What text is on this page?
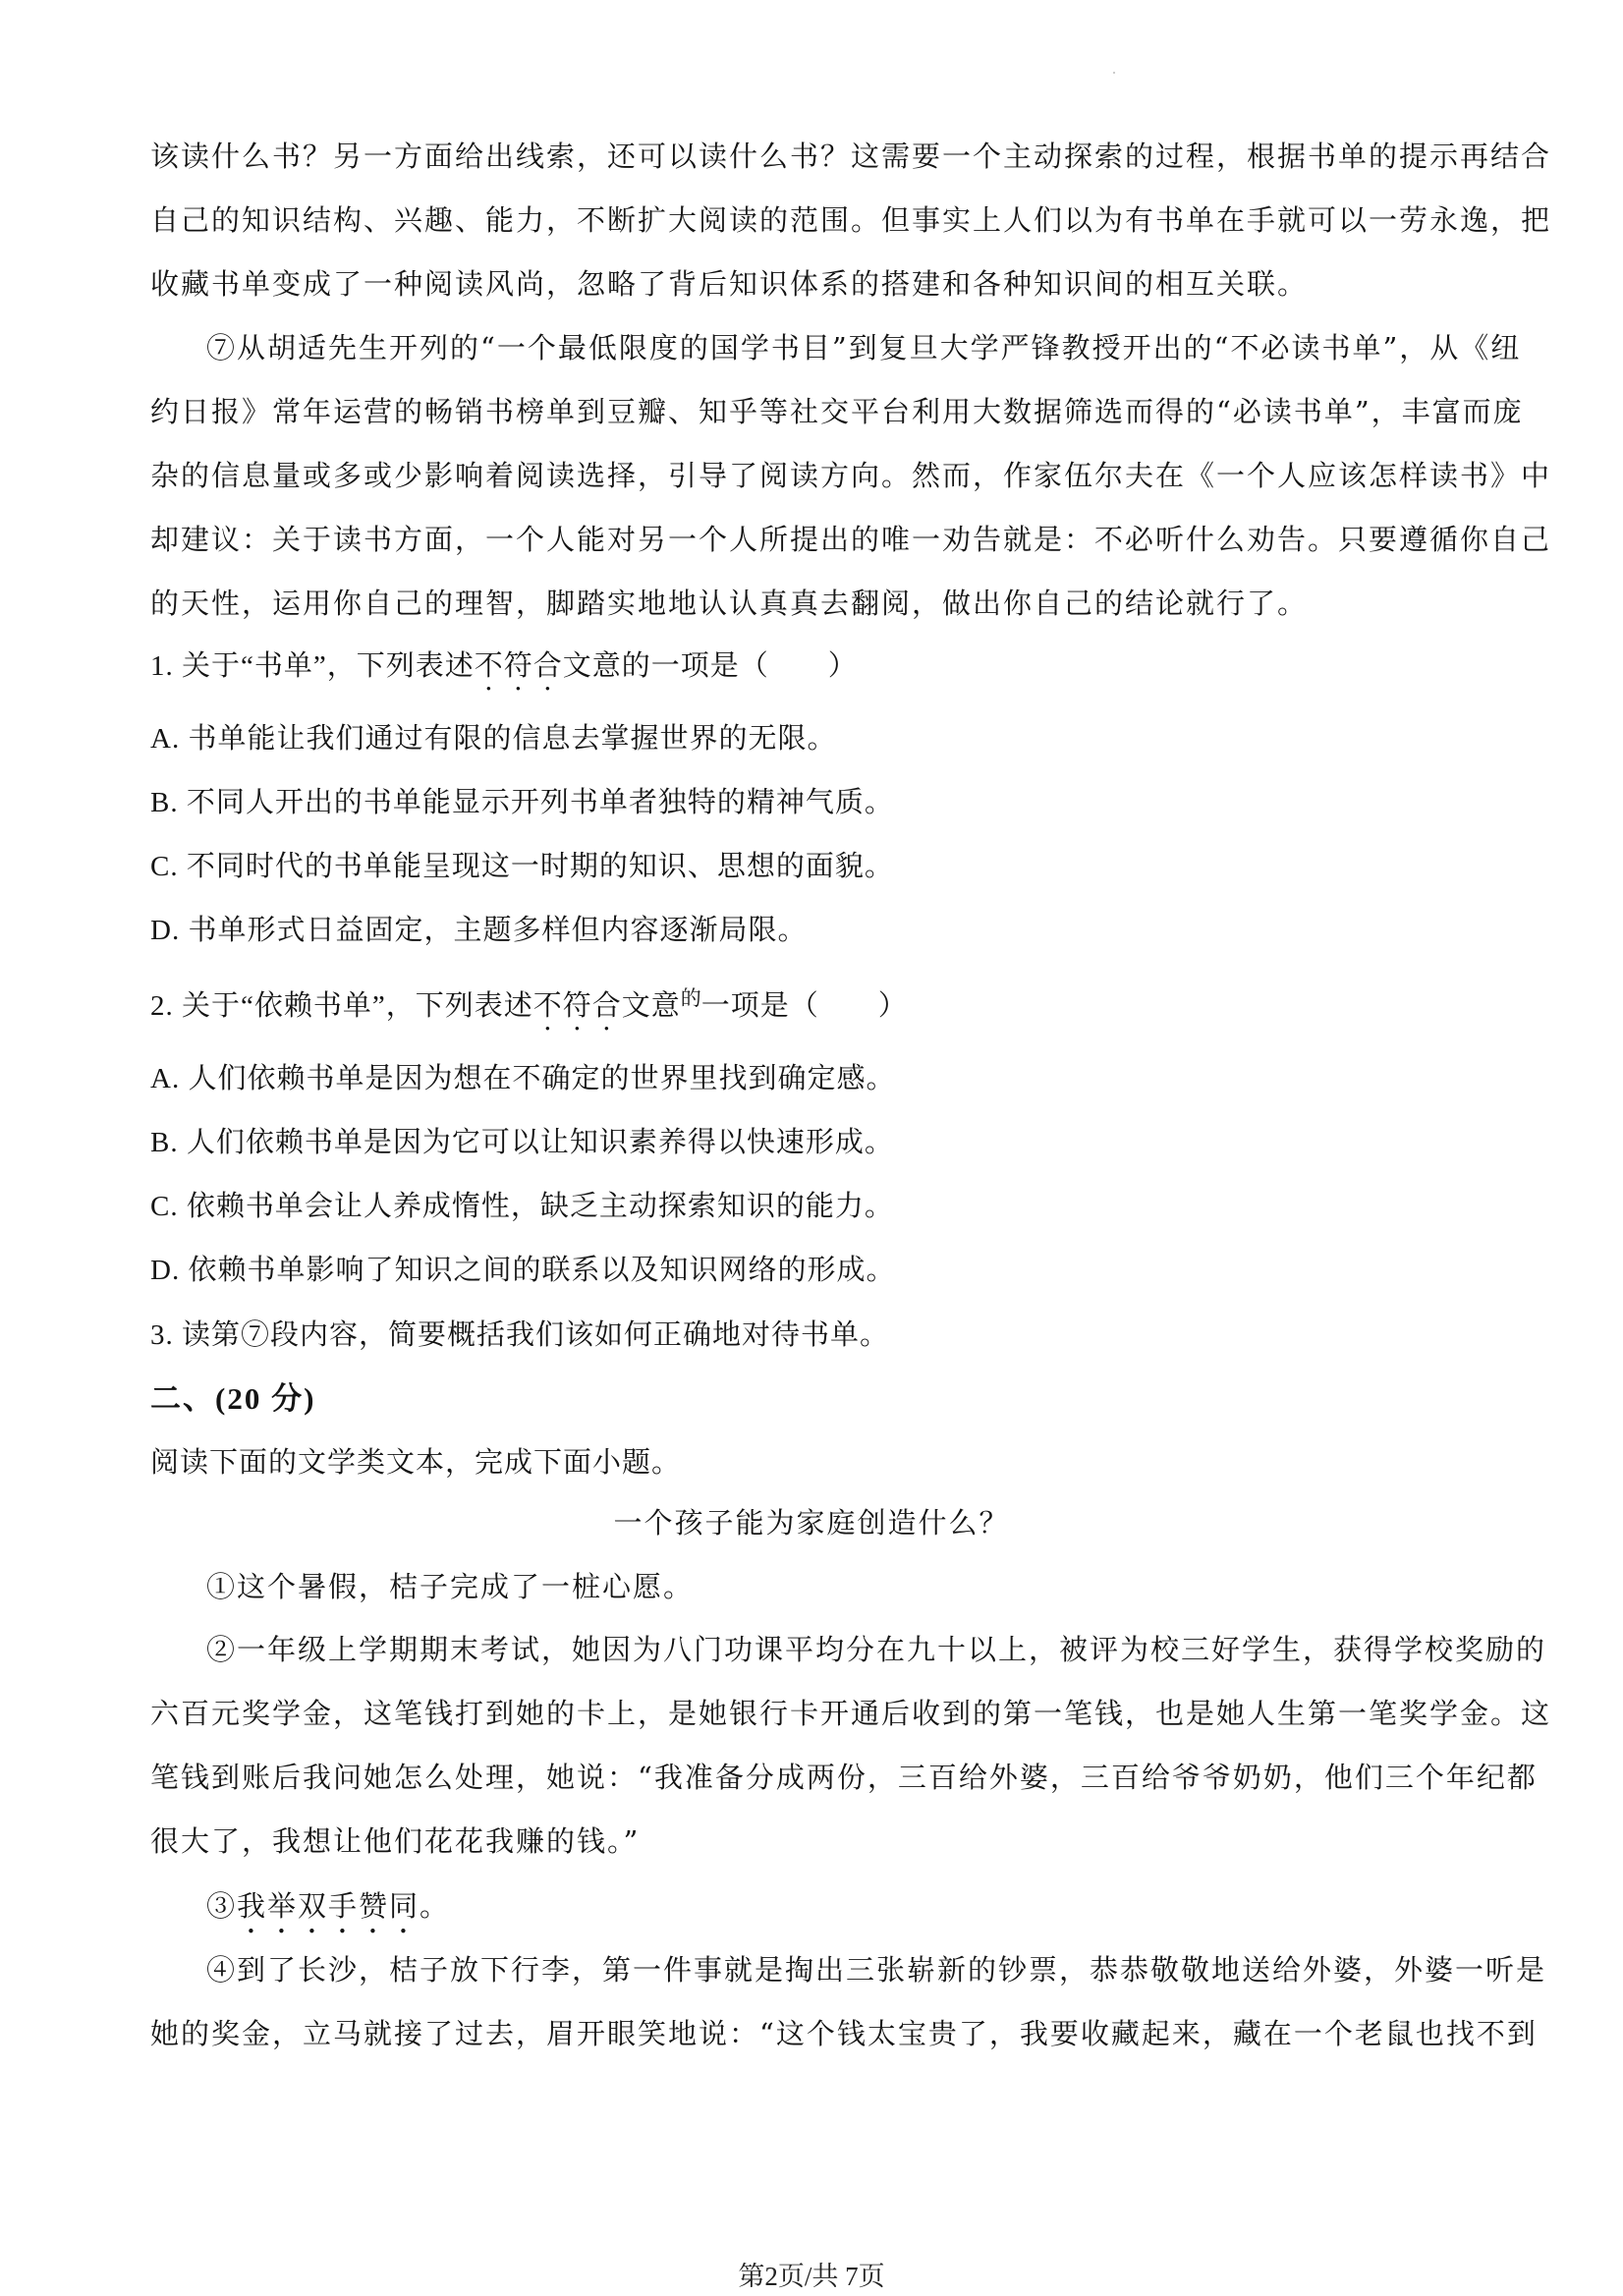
该读什么书？另一方面给出线索，还可以读什么书？这需要一个主动探索的过程，根据书单的提示再结合
自己的知识结构、兴趣、能力，不断扩大阅读的范围。但事实上人们以为有书单在手就可以一劳永逸，把
收藏书单变成了一种阅读风尚，忽略了背后知识体系的搭建和各种知识间的相互关联。
⑦从胡适先生开列的“一个最低限度的国学书目”到复旦大学严锋教授开出的“不必读书单”，从《纽
约日报》常年运营的畅销书榜单到豆瓣、知乎等社交平台利用大数据筛选而得的“必读书单”，丰富而庞
杂的信息量或多或少影响着阅读选择，引导了阅读方向。然而，作家伍尔夫在《一个人应该怎样读书》中
却建议：关于读书方面，一个人能对另一个人所提出的唯一劝告就是：不必听什么劝告。只要遵循你自己
的天性，运用你自己的理智，脚踏实地地认认真真去翻阅，做出你自己的结论就行了。
1. 关于“书单”，下列表述不符合文意的一项是（　　）
A. 书单能让我们通过有限的信息去掌握世界的无限。
B. 不同人开出的书单能显示开列书单者独特的精神气质。
C. 不同时代的书单能呈现这一时期的知识、思想的面貌。
D. 书单形式日益固定，主题多样但内容逐渐局限。
2. 关于“依赖书单”，下列表述不符合文意$^的$一项是（　　）
A. 人们依赖书单是因为想在不确定的世界里找到确定感。
B. 人们依赖书单是因为它可以让知识素养得以快速形成。
C. 依赖书单会让人养成惰性，缺乏主动探索知识的能力。
D. 依赖书单影响了知识之间的联系以及知识网络的形成。
3. 读第⑦段内容，简要概括我们该如何正确地对待书单。
二、(20 分)
阅读下面的文学类文本，完成下面小题。
一个孩子能为家庭创造什么？
①这个暑假，桔子完成了一桩心愿。
②一年级上学期期末考试，她因为八门功课平均分在九十以上，被评为校三好学生，获得学校奖励的
六百元奖学金，这笔钱打到她的卡上，是她银行卡开通后收到的第一笔钱，也是她人生第一笔奖学金。这
笔钱到账后我问她怎么处理，她说：“我准备分成两份，三百给外婆，三百给爷爷奶奶，他们三个年纪都
很大了，我想让他们花花我赚的钱。”
③我举双手赞同。
④到了长沙，桔子放下行李，第一件事就是掏出三张崭新的钞票，恭恭敬敬地送给外婆，外婆一听是
她的奖金，立马就接了过去，眉开眼笑地说：“这个钱太宝贵了，我要收藏起来，藏在一个老鼠也找不到
第2页/共 7页
